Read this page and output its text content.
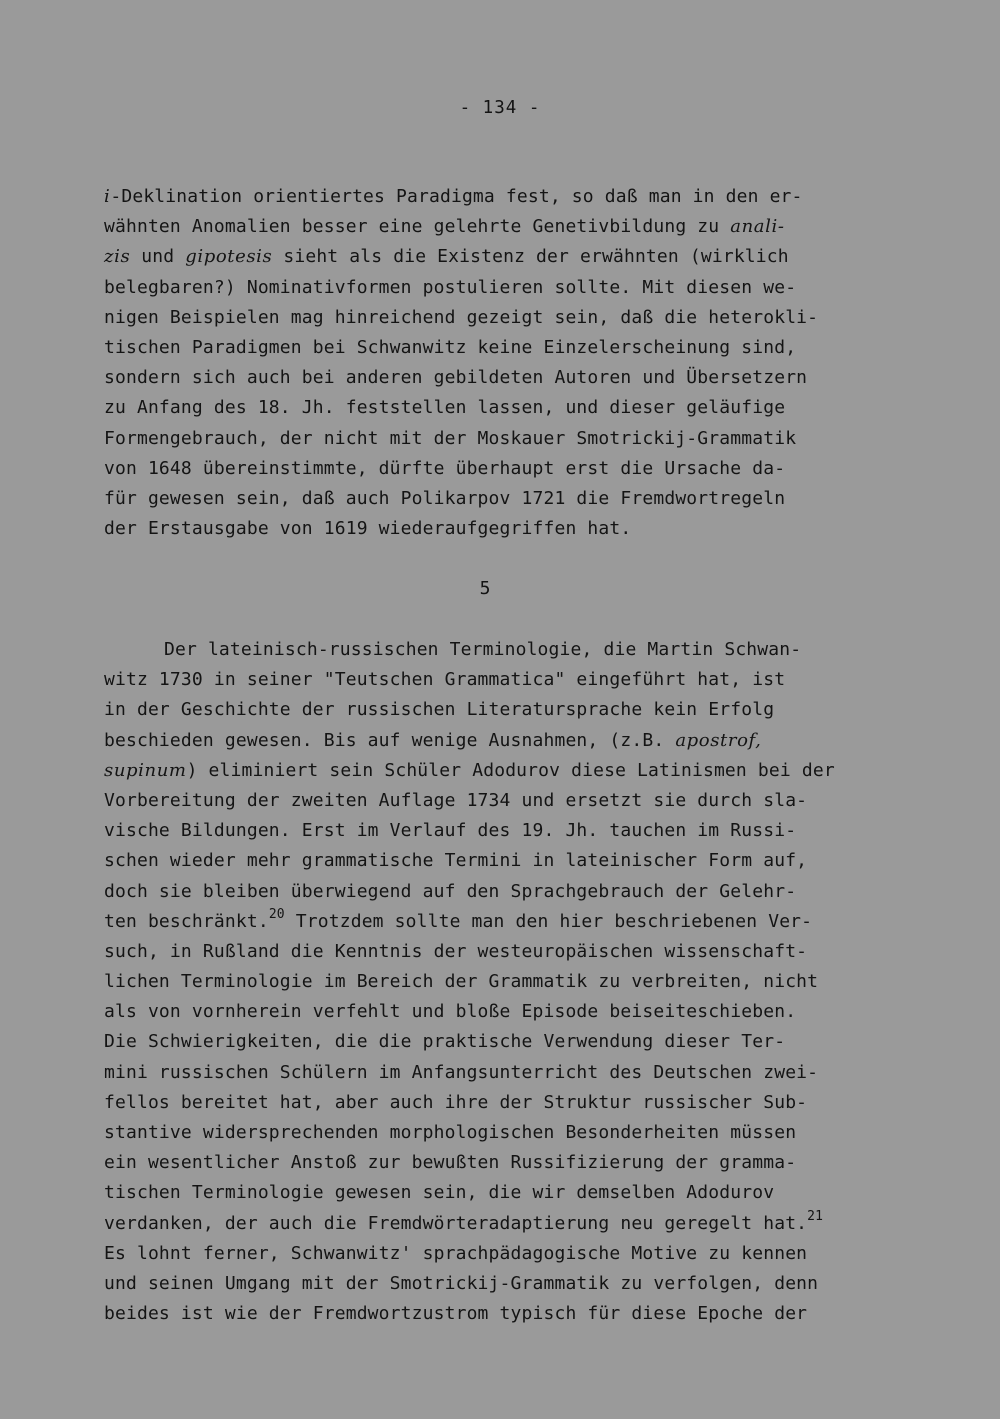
- 134 -
i-Deklination orientiertes Paradigma fest, so daß man in den er-
wähnten Anomalien besser eine gelehrte Genetivbildung zu anali-
zis und gipotesis sieht als die Existenz der erwähnten (wirklich
belegbaren?) Nominativformen postulieren sollte. Mit diesen we-
nigen Beispielen mag hinreichend gezeigt sein, daß die heterokli-
tischen Paradigmen bei Schwanwitz keine Einzelerscheinung sind,
sondern sich auch bei anderen gebildeten Autoren und Übersetzern
zu Anfang des 18. Jh. feststellen lassen, und dieser geläufige
Formengebrauch, der nicht mit der Moskauer Smotrickij-Grammatik
von 1648 übereinstimmte, dürfte überhaupt erst die Ursache da-
für gewesen sein, daß auch Polikarpov 1721 die Fremdwortregeln
der Erstausgabe von 1619 wiederaufgegriffen hat.
5
Der lateinisch-russischen Terminologie, die Martin Schwan-
witz 1730 in seiner "Teutschen Grammatica" eingeführt hat, ist
in der Geschichte der russischen Literatursprache kein Erfolg
beschieden gewesen. Bis auf wenige Ausnahmen, (z.B. apostrof,
supinum) eliminiert sein Schüler Adodurov diese Latinismen bei der
Vorbereitung der zweiten Auflage 1734 und ersetzt sie durch sla-
vische Bildungen. Erst im Verlauf des 19. Jh. tauchen im Russi-
schen wieder mehr grammatische Termini in lateinischer Form auf,
doch sie bleiben überwiegend auf den Sprachgebrauch der Gelehr-
ten beschränkt.$^{20}$ Trotzdem sollte man den hier beschriebenen Ver-
such, in Rußland die Kenntnis der westeuropäischen wissenschaft-
lichen Terminologie im Bereich der Grammatik zu verbreiten, nicht
als von vornherein verfehlt und bloße Episode beiseiteschieben.
Die Schwierigkeiten, die die praktische Verwendung dieser Ter-
mini russischen Schülern im Anfangsunterricht des Deutschen zwei-
fellos bereitet hat, aber auch ihre der Struktur russischer Sub-
stantive widersprechenden morphologischen Besonderheiten müssen
ein wesentlicher Anstoß zur bewußten Russifizierung der gramma-
tischen Terminologie gewesen sein, die wir demselben Adodurov
verdanken, der auch die Fremdwörteradaptierung neu geregelt hat.$^{21}$
Es lohnt ferner, Schwanwitz' sprachpädagogische Motive zu kennen
und seinen Umgang mit der Smotrickij-Grammatik zu verfolgen, denn
beides ist wie der Fremdwortzustrom typisch für diese Epoche der
